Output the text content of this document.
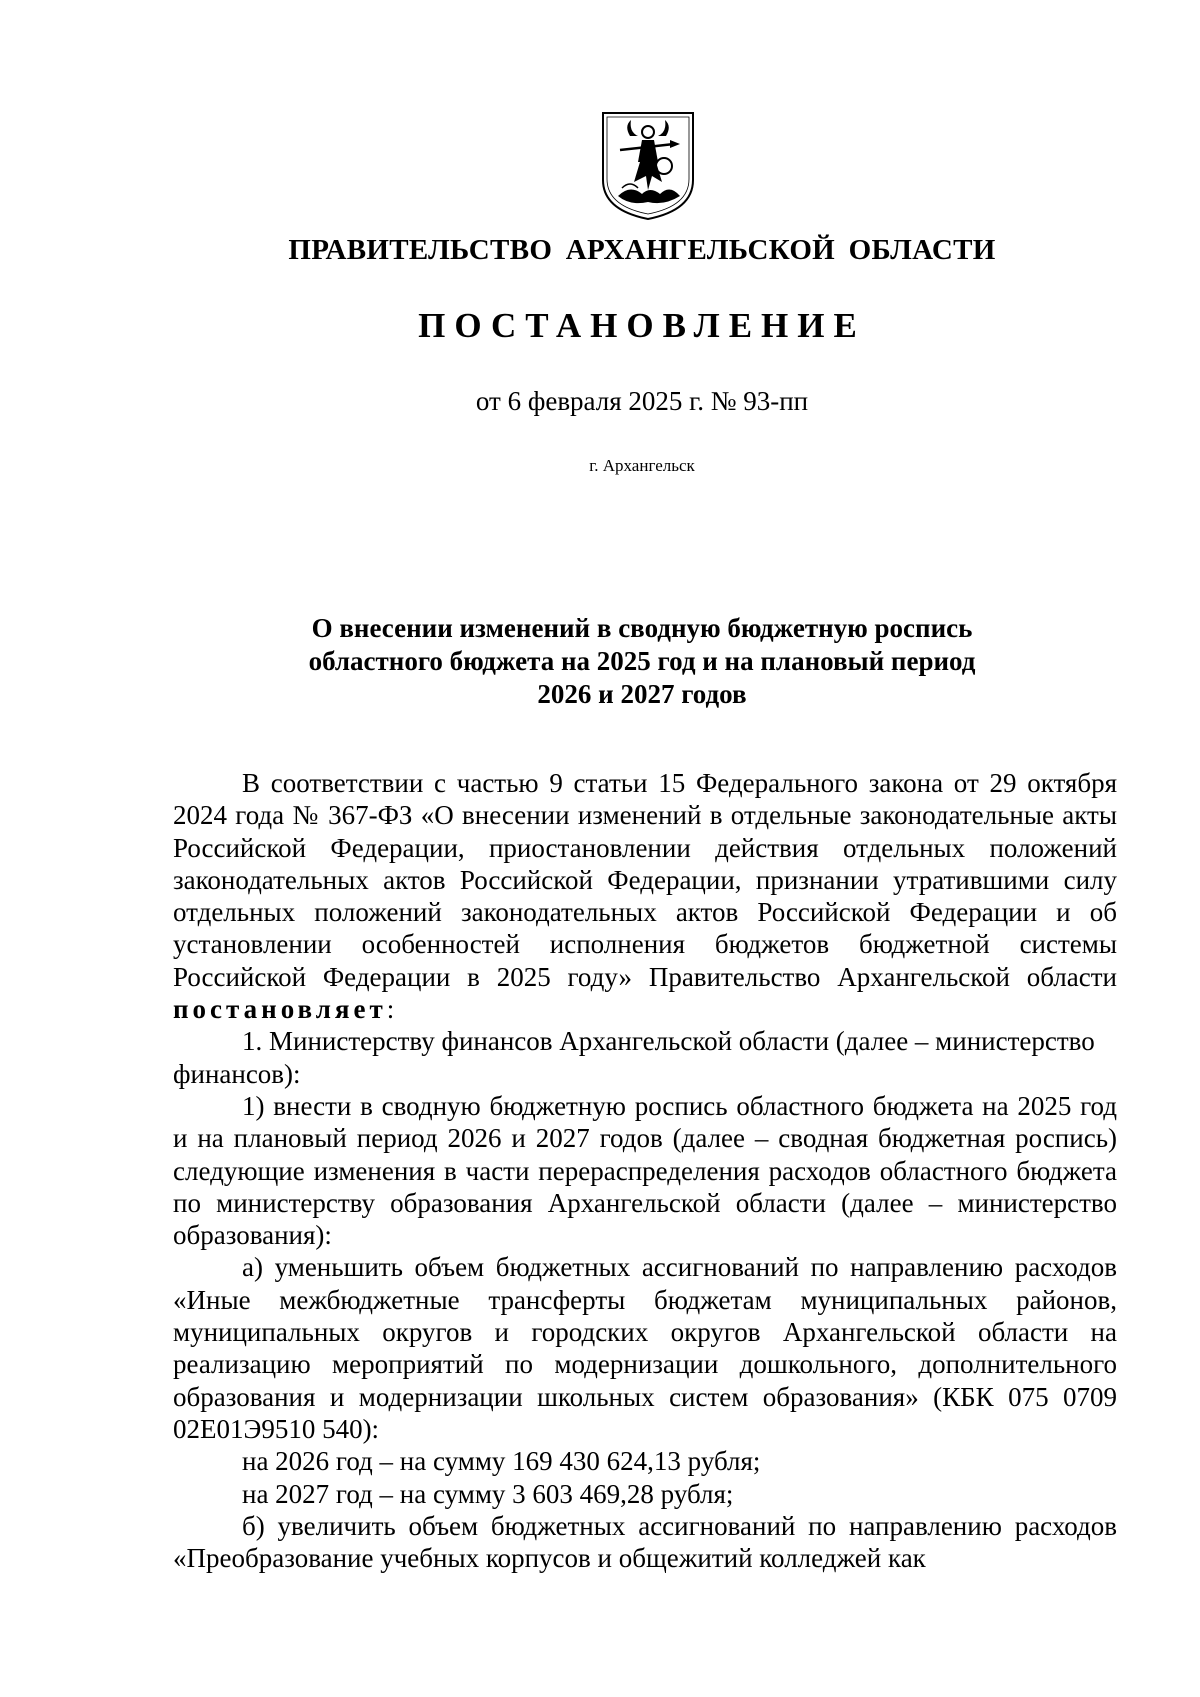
ПРАВИТЕЛЬСТВО АРХАНГЕЛЬСКОЙ ОБЛАСТИ
ПОСТАНОВЛЕНИЕ
от 6 февраля 2025 г. № 93-пп
г. Архангельск
О внесении изменений в сводную бюджетную роспись
областного бюджета на 2025 год и на плановый период
2026 и 2027 годов

В соответствии с частью 9 статьи 15 Федерального закона от 29 октября 2024 года № 367-ФЗ «О внесении изменений в отдельные законодательные акты Российской Федерации, приостановлении действия отдельных положений законодательных актов Российской Федерации, признании утратившими силу отдельных положений законодательных актов Российской Федерации и об установлении особенностей исполнения бюджетов бюджетной системы Российской Федерации в 2025 году» Правительство Архангельской области постановляет:

1. Министерству финансов Архангельской области (далее – министерство финансов):

1) внести в сводную бюджетную роспись областного бюджета на 2025 год и на плановый период 2026 и 2027 годов (далее – сводная бюджетная роспись) следующие изменения в части перераспределения расходов областного бюджета по министерству образования Архангельской области (далее – министерство образования):

а) уменьшить объем бюджетных ассигнований по направлению расходов «Иные межбюджетные трансферты бюджетам муниципальных районов, муниципальных округов и городских округов Архангельской области на реализацию мероприятий по модернизации дошкольного, дополнительного образования и модернизации школьных систем образования» (КБК 075 0709 02Е01Э9510 540):

на 2026 год – на сумму 169 430 624,13 рубля;

на 2027 год – на сумму 3 603 469,28 рубля;

б) увеличить объем бюджетных ассигнований по направлению расходов «Преобразование учебных корпусов и общежитий колледжей как
